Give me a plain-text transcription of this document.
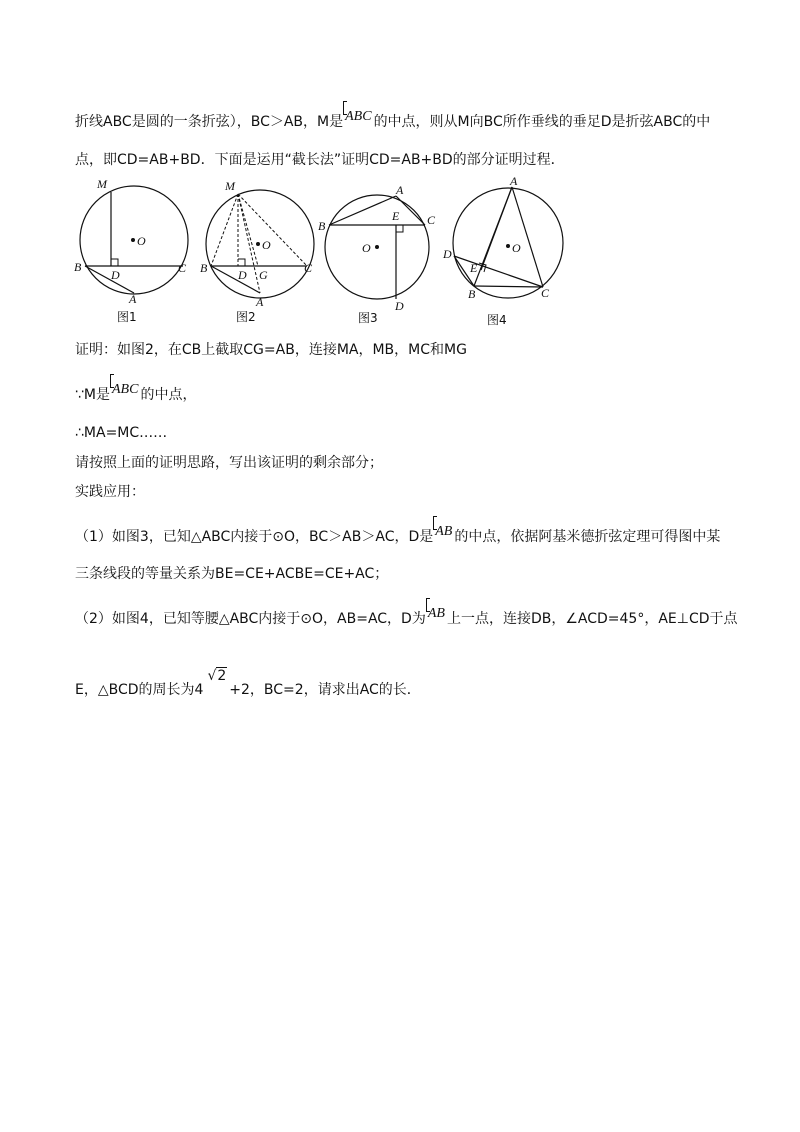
折线ABC是圆的一条折弦），BC＞AB，M是 ABC 的中点，则从M向BC所作垂线的垂足D是折弦ABC的中
点，即CD=AB+BD．下面是运用“截长法”证明CD=AB+BD的部分证明过程．
M
O
B
D	C
A
图1
M
O
B	D G	C
A
图2
B
A
E C
O
D
图3
A
O
D
E
B	C
图4
证明：如图2，在CB上截取CG=AB，连接MA，MB，MC和MG
∵M是 ABC 的中点，
∴MA=MC……
请按照上面的证明思路，写出该证明的剩余部分；
实践应用：
（1）如图3，已知△ABC内接于⊙O，BC＞AB＞AC，D是 AB 的中点，依据阿基米德折弦定理可得图中某
三条线段的等量关系为BE=CE+ACBE=CE+AC；
（2）如图4，已知等腰△ABC内接于⊙O，AB=AC，D为 AB 上一点，连接DB，∠ACD=45°，AE⊥CD于点
E，△BCD的周长为4√2+2，BC=2，请求出AC的长．
